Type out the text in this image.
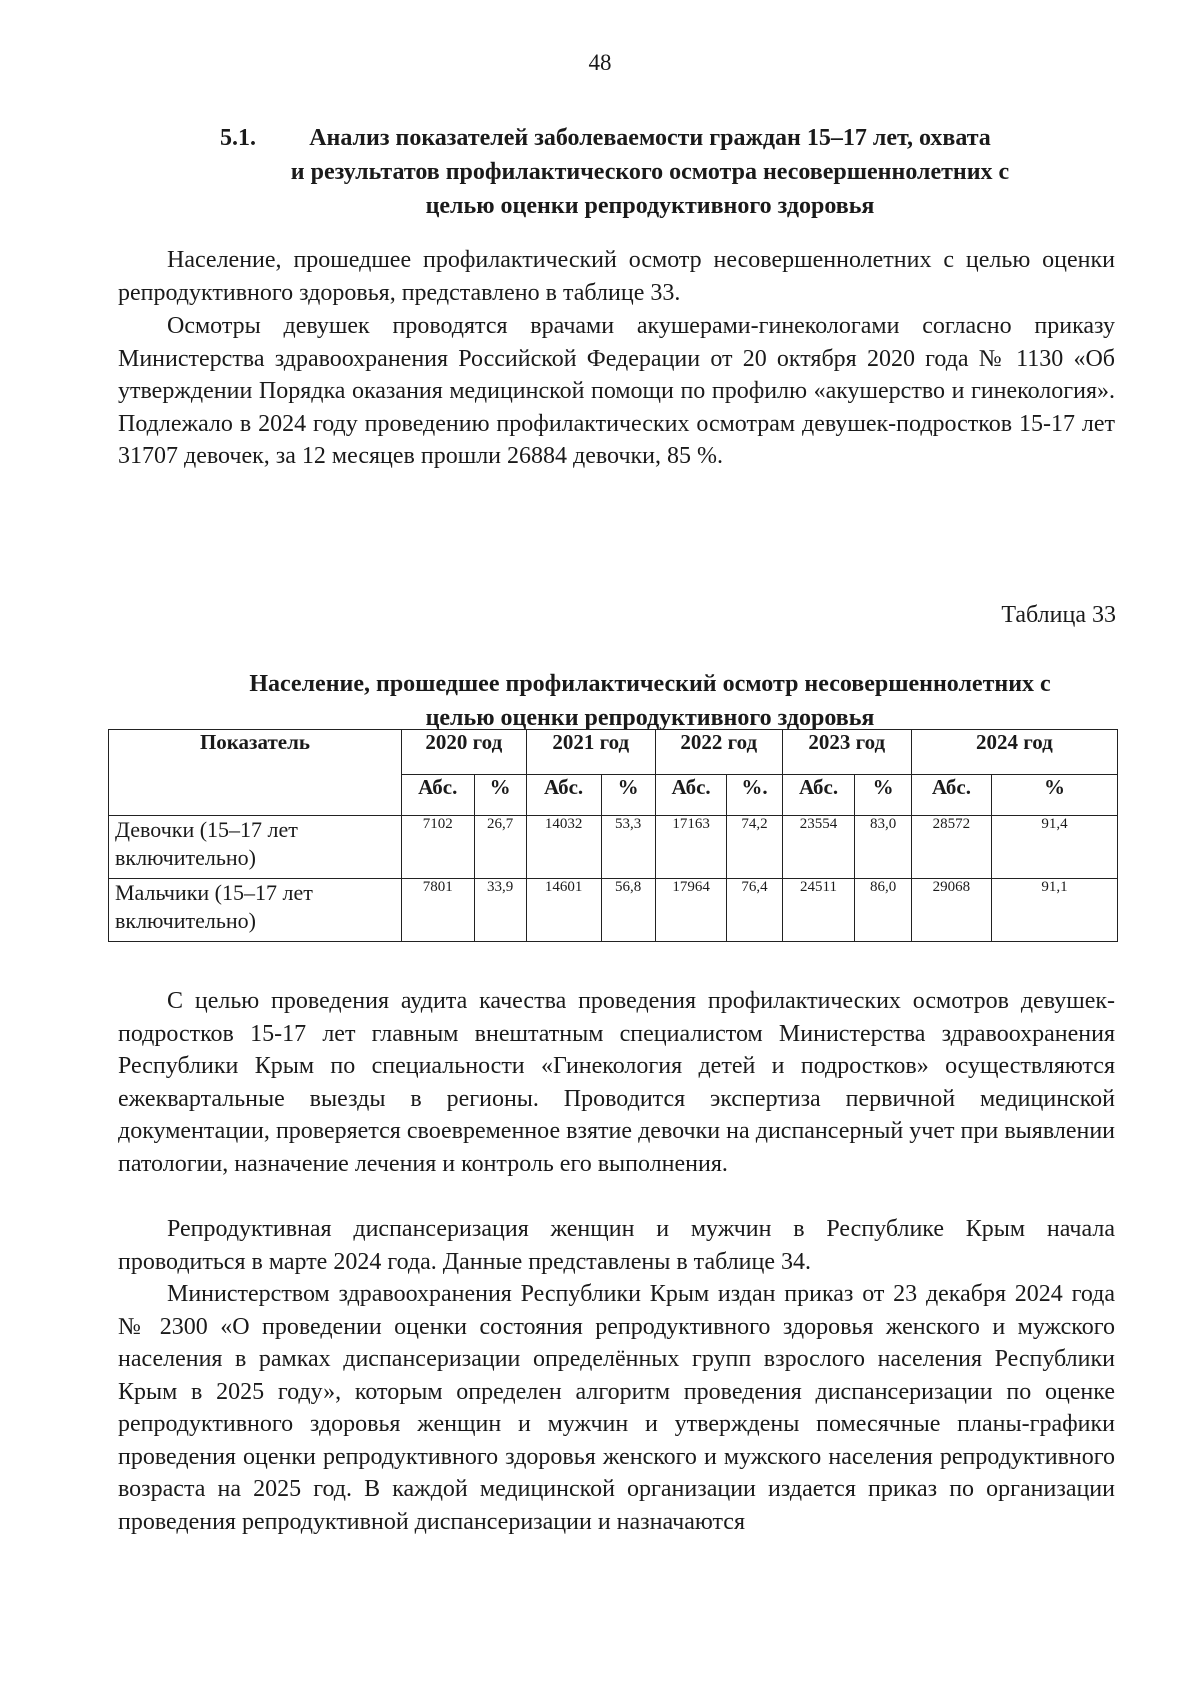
48
5.1.	Анализ показателей заболеваемости граждан 15–17 лет, охвата
и результатов профилактического осмотра несовершеннолетних с
целью оценки репродуктивного здоровья

Население, прошедшее профилактический осмотр несовершеннолетних с целью оценки репродуктивного здоровья, представлено в таблице 33.

Осмотры девушек проводятся врачами акушерами-гинекологами согласно приказу Министерства здравоохранения Российской Федерации от 20 октября 2020 года № 1130 «Об утверждении Порядка оказания медицинской помощи по профилю «акушерство и гинекология». Подлежало в 2024 году проведению профилактических осмотрам девушек-подростков 15-17 лет 31707 девочек, за 12 месяцев прошли 26884 девочки, 85 %.

Таблица 33
Население, прошедшее профилактический осмотр несовершеннолетних с
целью оценки репродуктивного здоровья
Показатель	2020 год		2021 год		2022 год		2023 год		2024 год	
	Абс.	%	Абс.	%	Абс.	%.	Абс.	%	Абс.	%
Девочки (15–17 лет включительно)	7102	26,7	14032	53,3	17163	74,2	23554	83,0	28572	91,4
Мальчики (15–17 лет включительно)	7801	33,9	14601	56,8	17964	76,4	24511	86,0	29068	91,1

С целью проведения аудита качества проведения профилактических осмотров девушек-подростков 15-17 лет главным внештатным специалистом Министерства здравоохранения Республики Крым по специальности «Гинекология детей и подростков» осуществляются ежеквартальные выезды в регионы. Проводится экспертиза первичной медицинской документации, проверяется своевременное взятие девочки на диспансерный учет при выявлении патологии, назначение лечения и контроль его выполнения.

Репродуктивная диспансеризация женщин и мужчин в Республике Крым начала проводиться в марте 2024 года. Данные представлены в таблице 34.

Министерством здравоохранения Республики Крым издан приказ от 23 декабря 2024 года № 2300 «О проведении оценки состояния репродуктивного здоровья женского и мужского населения в рамках диспансеризации определённых групп взрослого населения Республики Крым в 2025 году», которым определен алгоритм проведения диспансеризации по оценке репродуктивного здоровья женщин и мужчин и утверждены помесячные планы-графики проведения оценки репродуктивного здоровья женского и мужского населения репродуктивного возраста на 2025 год. В каждой медицинской организации издается приказ по организации проведения репродуктивной диспансеризации и назначаются
